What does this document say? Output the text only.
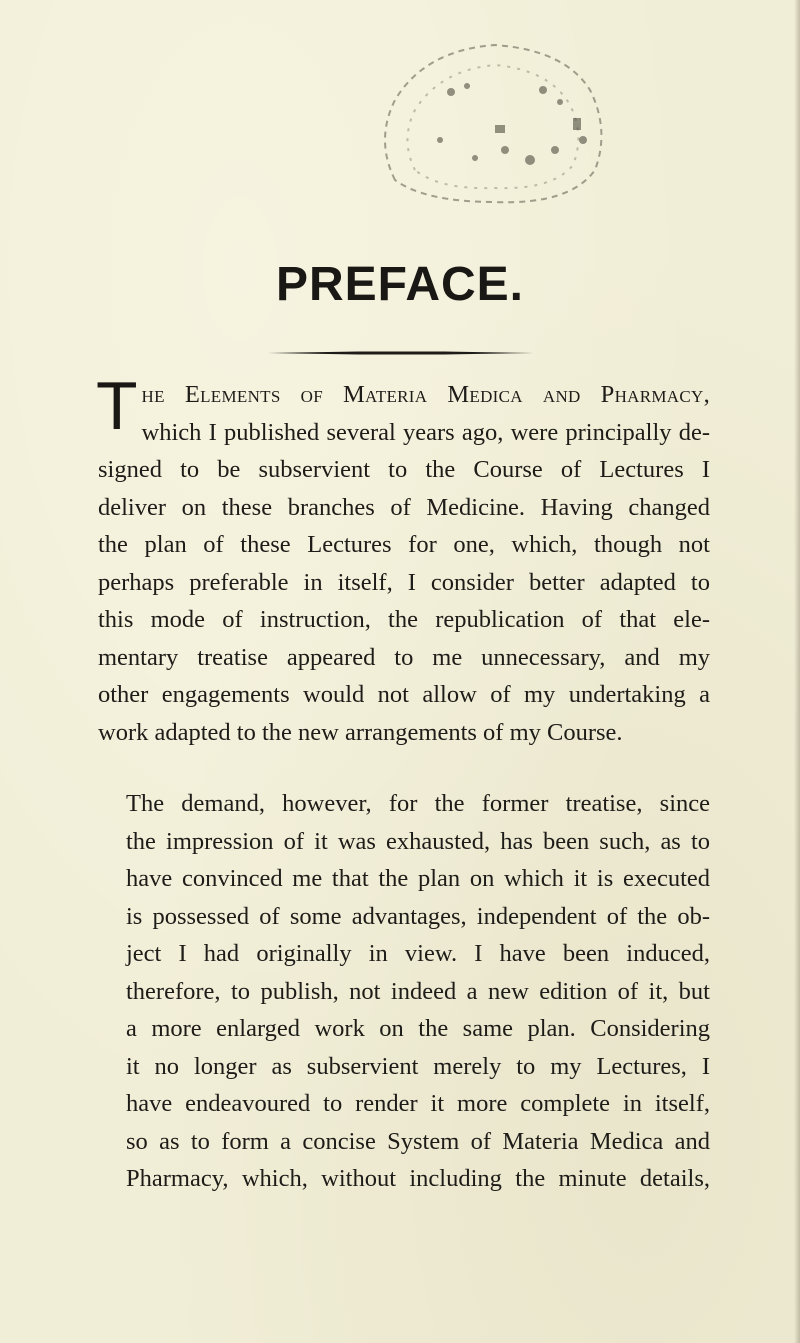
PREFACE.
T he Elements of Materia Medica and Pharmacy,
which I published several years ago, were principally de-
signed to be subservient to the Course of Lectures I
deliver on these branches of Medicine. Having changed
the plan of these Lectures for one, which, though not
perhaps preferable in itself, I consider better adapted to
this mode of instruction, the republication of that ele-
mentary treatise appeared to me unnecessary, and my
other engagements would not allow of my undertaking a
work adapted to the new arrangements of my Course.
The demand, however, for the former treatise, since
the impression of it was exhausted, has been such, as to
have convinced me that the plan on which it is executed
is possessed of some advantages, independent of the ob-
ject I had originally in view. I have been induced,
therefore, to publish, not indeed a new edition of it, but
a more enlarged work on the same plan. Considering
it no longer as subservient merely to my Lectures, I
have endeavoured to render it more complete in itself,
so as to form a concise System of Materia Medica and
Pharmacy, which, without including the minute details,
